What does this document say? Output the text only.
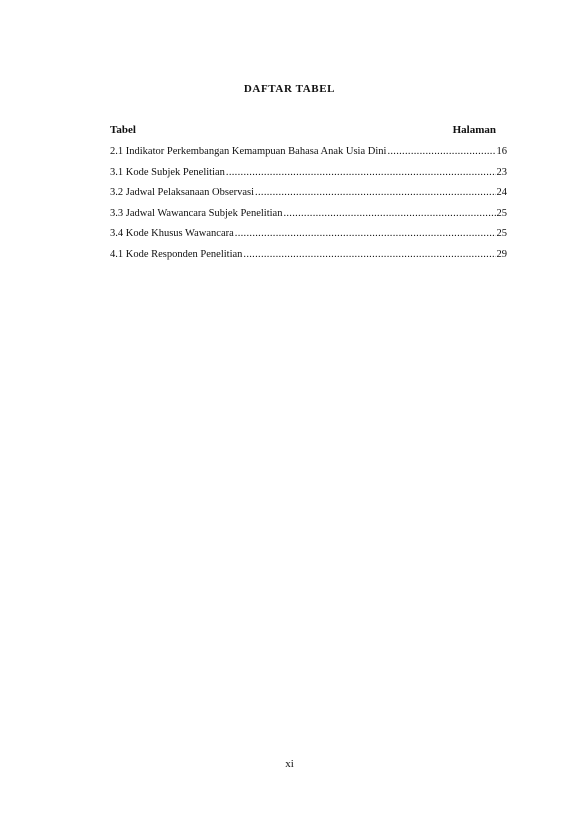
DAFTAR TABEL
Tabel	Halaman
2.1 Indikator Perkembangan Kemampuan Bahasa Anak Usia Dini .....	16
3.1 Kode Subjek Penelitian .....	23
3.2 Jadwal Pelaksanaan Observasi .....	24
3.3 Jadwal Wawancara Subjek Penelitian .....	25
3.4 Kode Khusus Wawancara .....	25
4.1 Kode Responden Penelitian .....	29
xi
